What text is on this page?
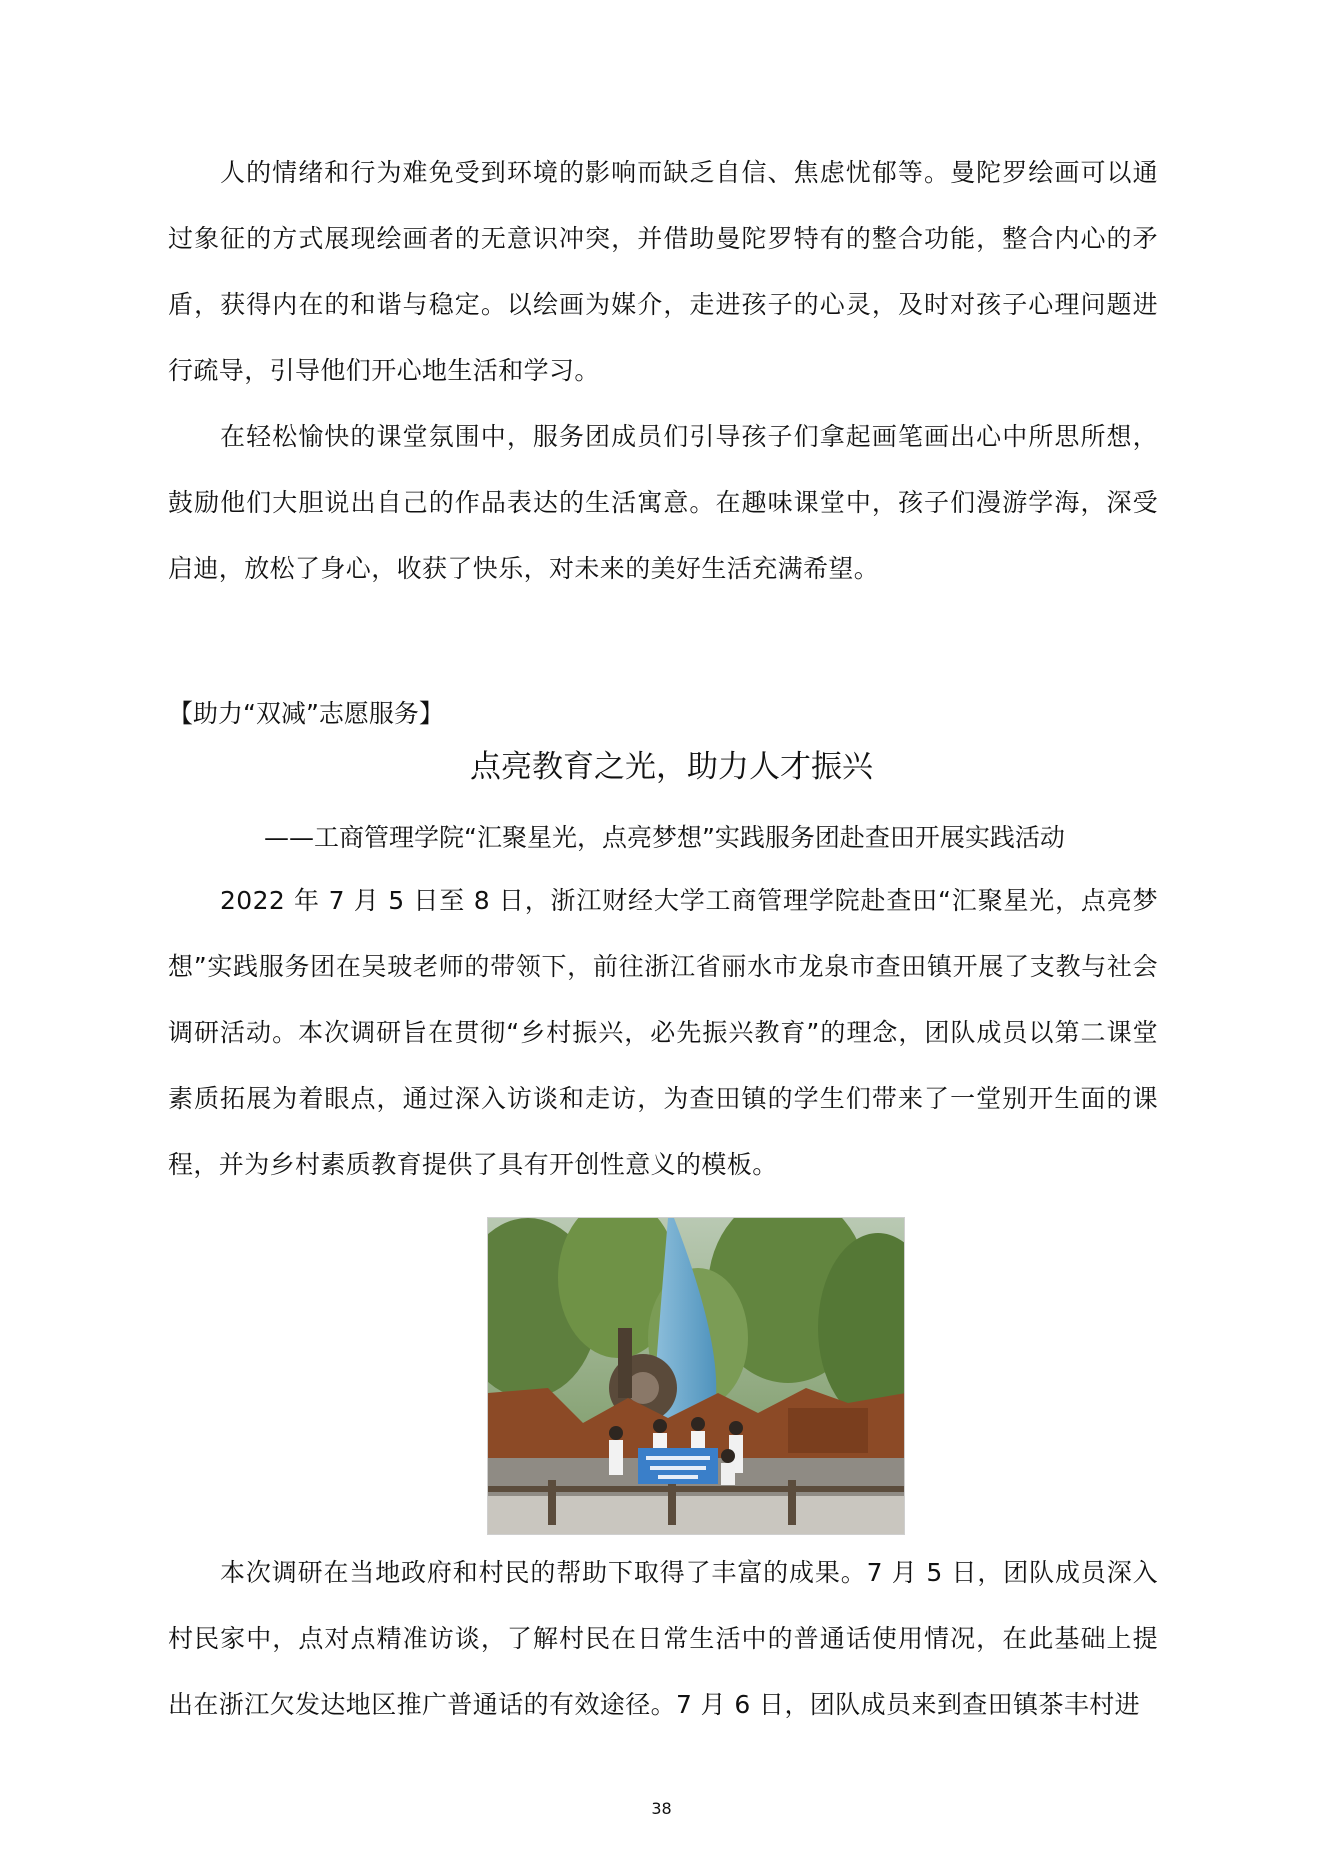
人的情绪和行为难免受到环境的影响而缺乏自信、焦虑忧郁等。曼陀罗绘画可以通过象征的方式展现绘画者的无意识冲突，并借助曼陀罗特有的整合功能，整合内心的矛盾，获得内在的和谐与稳定。以绘画为媒介，走进孩子的心灵，及时对孩子心理问题进行疏导，引导他们开心地生活和学习。

在轻松愉快的课堂氛围中，服务团成员们引导孩子们拿起画笔画出心中所思所想，鼓励他们大胆说出自己的作品表达的生活寓意。在趣味课堂中，孩子们漫游学海，深受启迪，放松了身心，收获了快乐，对未来的美好生活充满希望。

【助力“双减”志愿服务】

点亮教育之光，助力人才振兴

——工商管理学院“汇聚星光，点亮梦想”实践服务团赴查田开展实践活动

2022 年 7 月 5 日至 8 日，浙江财经大学工商管理学院赴查田“汇聚星光，点亮梦想”实践服务团在吴玻老师的带领下，前往浙江省丽水市龙泉市查田镇开展了支教与社会调研活动。本次调研旨在贯彻“乡村振兴，必先振兴教育”的理念，团队成员以第二课堂素质拓展为着眼点，通过深入访谈和走访，为查田镇的学生们带来了一堂别开生面的课程，并为乡村素质教育提供了具有开创性意义的模板。

本次调研在当地政府和村民的帮助下取得了丰富的成果。7 月 5 日，团队成员深入村民家中，点对点精准访谈，了解村民在日常生活中的普通话使用情况，在此基础上提出在浙江欠发达地区推广普通话的有效途径。7 月 6 日，团队成员来到查田镇茶丰村进

38
